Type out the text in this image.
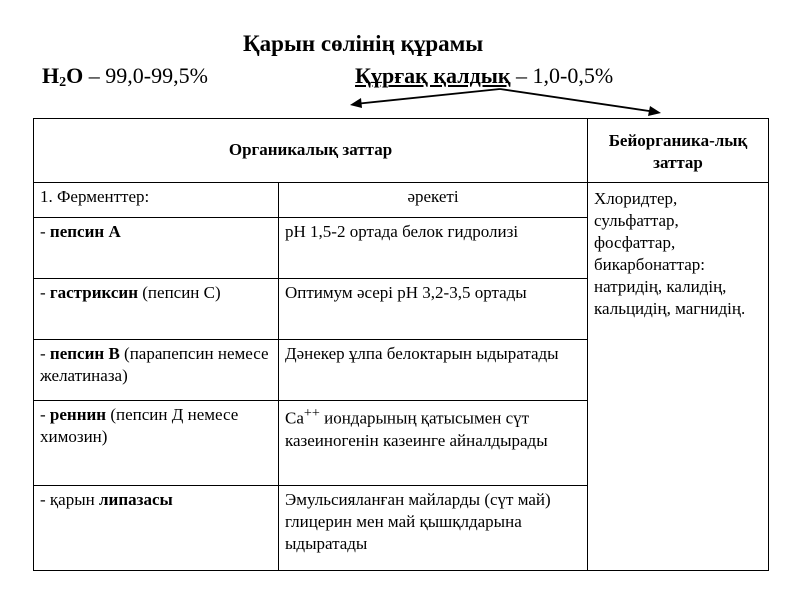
Қарын сөлінің құрамы
$H_2O - 99,0-99,5\%$	Құрғақ қалдық – 1,0-0,5%
Органикалық заттар		Бейорганика-лық заттар
1. Ферменттер:	әрекеті	Хлоридтер, сульфаттар, фосфаттар, бикарбонаттар: натридің, калидің, кальцидің, магнидің.
- пепсин А	pH 1,5-2 ортада белок гидролизі	
- гастриксин (пепсин С)	Оптимум әсері pH 3,2-3,5 ортады	
- пепсин В (парапепсин немесе желатиназа)	Дәнекер ұлпа белоктарын ыдыратады	
- реннин (пепсин Д немесе химозин)	Са++ иондарының қатысымен сүт казеиногенін казеинге айналдырады	
- қарын липазасы	Эмульсияланған майларды (сүт май) глицерин мен май қышқлдарына ыдыратады	
